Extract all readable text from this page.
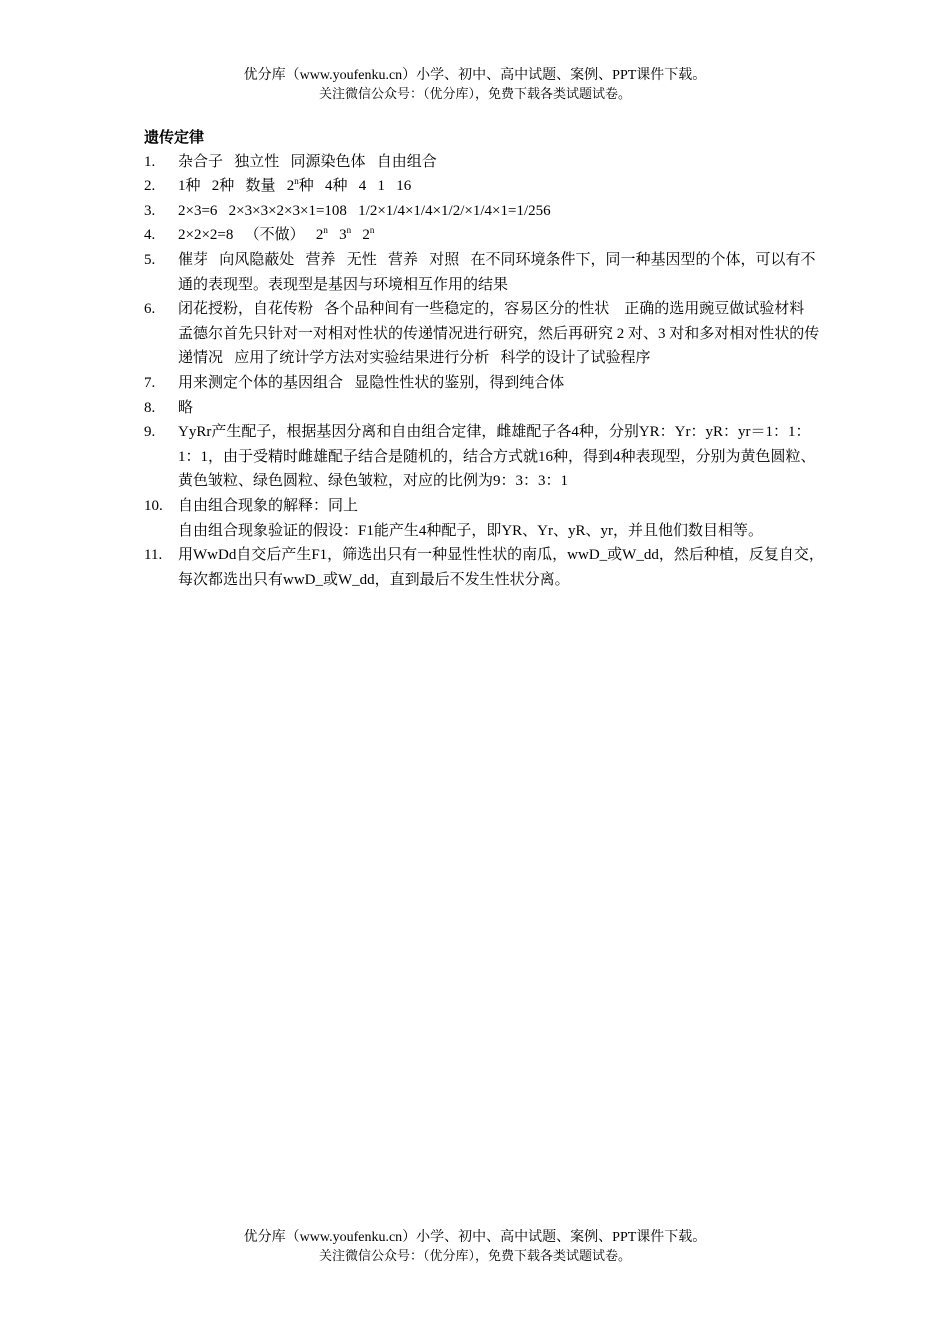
优分库（www.youfenku.cn）小学、初中、高中试题、案例、PPT课件下载。
关注微信公众号：（优分库），免费下载各类试题试卷。
遗传定律
1.	杂合子   独立性   同源染色体   自由组合
2.	1种   2种   数量   2$^n$种   4种   4   1   16
3.	2×3=6   2×3×3×2×3×1=108   1/2×1/4×1/4×1/2/×1/4×1=1/256
4.	2×2×2=8   （不做）   2$^n$   3$^n$   2$^n$
5.	催芽   向风隐蔽处   营养   无性   营养   对照   在不同环境条件下，同一种基因型的个体，可以有不通的表现型。表现型是基因与环境相互作用的结果
6.	闭花授粉，自花传粉   各个品种间有一些稳定的，容易区分的性状    正确的选用豌豆做试验材料   孟德尔首先只针对一对相对性状的传递情况进行研究，然后再研究 2 对、3 对和多对相对性状的传递情况   应用了统计学方法对实验结果进行分析   科学的设计了试验程序
7.	用来测定个体的基因组合   显隐性性状的鉴别，得到纯合体
8.	略
9.	YyRr产生配子，根据基因分离和自由组合定律，雌雄配子各4种，分别YR：Yr：yR：yr＝1：1：1：1，由于受精时雌雄配子结合是随机的，结合方式就16种，得到4种表现型，分别为黄色圆粒、黄色皱粒、绿色圆粒、绿色皱粒，对应的比例为9：3：3：1
10.	自由组合现象的解释：同上
自由组合现象验证的假设：F1能产生4种配子，即YR、Yr、yR、yr，并且他们数目相等。
11.	用WwDd自交后产生F1，筛选出只有一种显性性状的南瓜，wwD_或W_dd，然后种植，反复自交，每次都选出只有wwD_或W_dd，直到最后不发生性状分离。
优分库（www.youfenku.cn）小学、初中、高中试题、案例、PPT课件下载。
关注微信公众号：（优分库），免费下载各类试题试卷。
